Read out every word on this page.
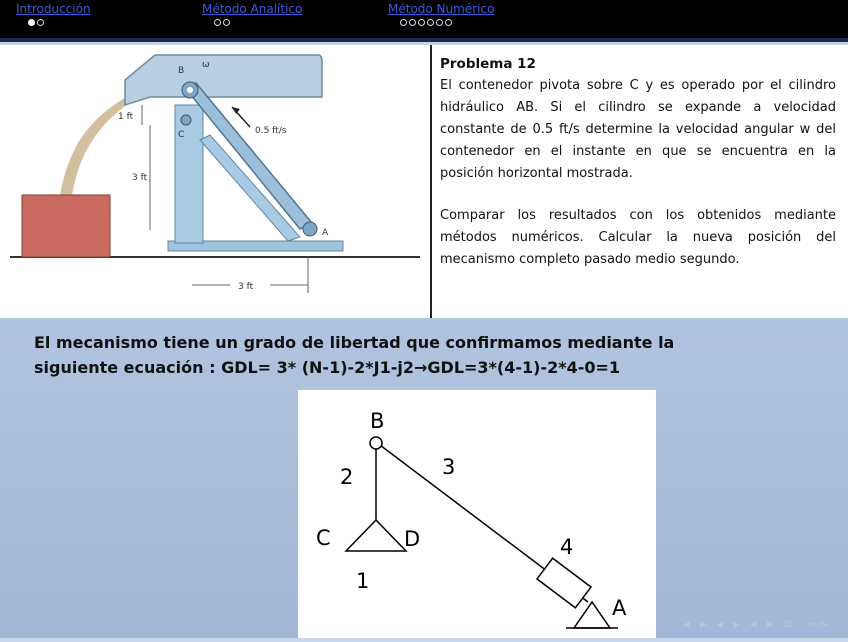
Introducción	Método Analítico	Método Numérico
B
ω
C
A
0.5 ft/s
1 ft
3 ft
3 ft
Problema 12

El contenedor pivota sobre C y es operado por el cilindro hidráulico AB. Si el cilindro se expande a velocidad constante de 0.5 ft/s determine la velocidad angular w del contenedor en el instante en que se encuentra en la posición horizontal mostrada.

Comparar los resultados con los obtenidos mediante métodos numéricos. Calcular la nueva posición del mecanismo completo pasado medio segundo.

El mecanismo tiene un grado de libertad que confirmamos mediante la
siguiente ecuación : GDL= 3* (N-1)-2*J1-j2→GDL=3*(4-1)-2*4-0=1
B
2	3
C	D
1
4
A
◂ ▸ ◂ ▸ ◂ ▸ ≡ ∽∾
